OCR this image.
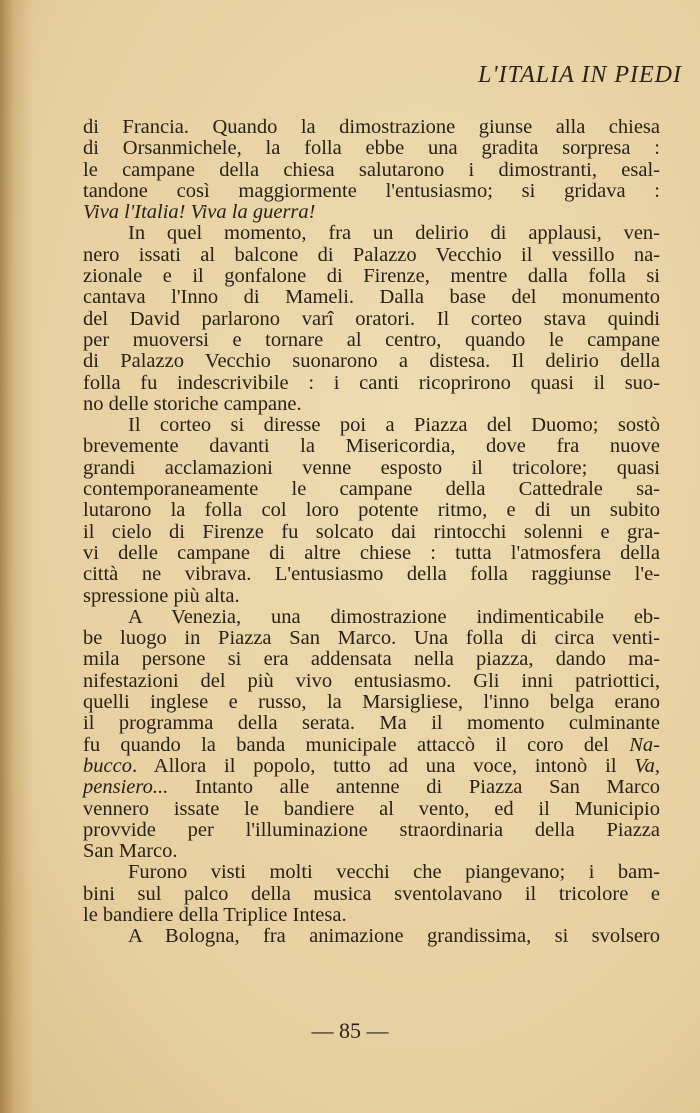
L'ITALIA IN PIEDI
di Francia. Quando la dimostrazione giunse alla chiesa
di Orsanmichele, la folla ebbe una gradita sorpresa :
le campane della chiesa salutarono i dimostranti, esal-
tandone così maggiormente l'entusiasmo; si gridava :
Viva l'Italia! Viva la guerra!
In quel momento, fra un delirio di applausi, ven-
nero issati al balcone di Palazzo Vecchio il vessillo na-
zionale e il gonfalone di Firenze, mentre dalla folla si
cantava l'Inno di Mameli. Dalla base del monumento
del David parlarono varî oratori. Il corteo stava quindi
per muoversi e tornare al centro, quando le campane
di Palazzo Vecchio suonarono a distesa. Il delirio della
folla fu indescrivibile : i canti ricoprirono quasi il suo-
no delle storiche campane.
Il corteo si diresse poi a Piazza del Duomo; sostò
brevemente davanti la Misericordia, dove fra nuove
grandi acclamazioni venne esposto il tricolore; quasi
contemporaneamente le campane della Cattedrale sa-
lutarono la folla col loro potente ritmo, e di un subito
il cielo di Firenze fu solcato dai rintocchi solenni e gra-
vi delle campane di altre chiese : tutta l'atmosfera della
città ne vibrava. L'entusiasmo della folla raggiunse l'e-
spressione più alta.
A Venezia, una dimostrazione indimenticabile eb-
be luogo in Piazza San Marco. Una folla di circa venti-
mila persone si era addensata nella piazza, dando ma-
nifestazioni del più vivo entusiasmo. Gli inni patriottici,
quelli inglese e russo, la Marsigliese, l'inno belga erano
il programma della serata. Ma il momento culminante
fu quando la banda municipale attaccò il coro del Na-
bucco. Allora il popolo, tutto ad una voce, intonò il Va,
pensiero... Intanto alle antenne di Piazza San Marco
vennero issate le bandiere al vento, ed il Municipio
provvide per l'illuminazione straordinaria della Piazza
San Marco.
Furono visti molti vecchi che piangevano; i bam-
bini sul palco della musica sventolavano il tricolore e
le bandiere della Triplice Intesa.
A Bologna, fra animazione grandissima, si svolsero
— 85 —
